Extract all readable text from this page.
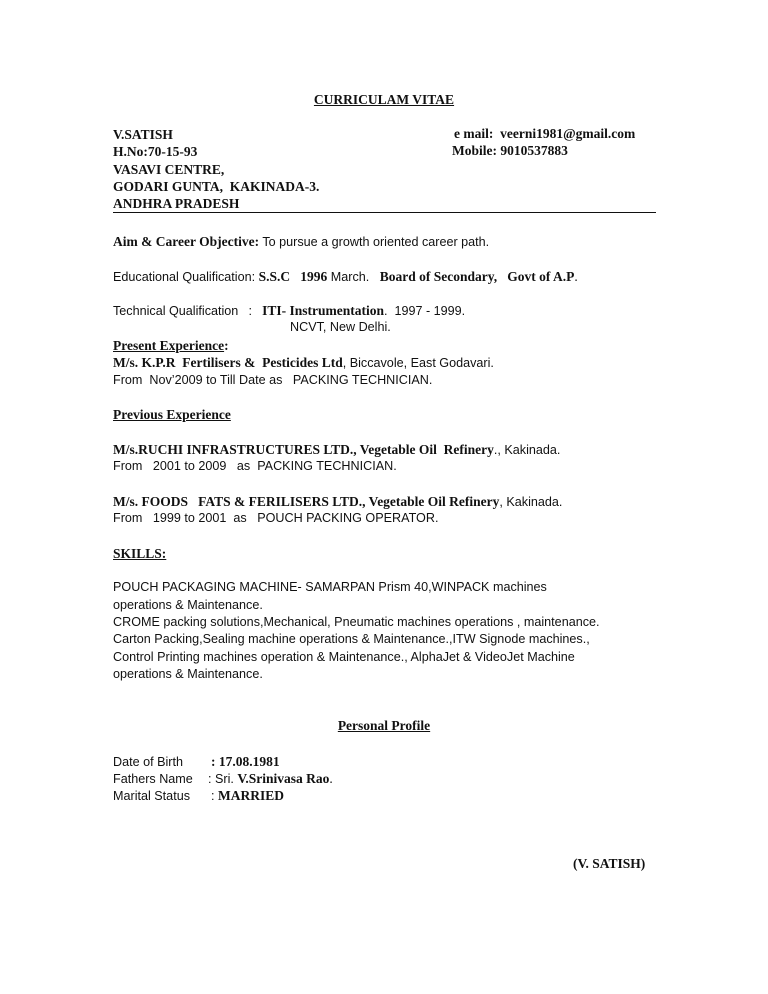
CURRICULAM VITAE
V.SATISH
H.No:70-15-93
VASAVI CENTRE,
GODARI GUNTA,  KAKINADA-3.
ANDHRA PRADESH
e mail:  veerni1981@gmail.com
Mobile: 9010537883
Aim & Career Objective: To pursue a growth oriented career path.
Educational Qualification: S.S.C 1996 March.   Board of Secondary,   Govt of A.P.
Technical Qualification : ITI- Instrumentation.  1997 - 1999.
NCVT, New Delhi.
Present Experience:
M/s. K.P.R  Fertilisers &  Pesticides Ltd, Biccavole, East Godavari.
From  Nov’2009 to Till Date as   PACKING TECHNICIAN.
Previous Experience
M/s.RUCHI INFRASTRUCTURES LTD., Vegetable Oil  Refinery., Kakinada.
From   2001 to 2009   as  PACKING TECHNICIAN.
M/s. FOODS   FATS & FERILISERS LTD., Vegetable Oil Refinery, Kakinada.
From   1999 to 2001  as   POUCH PACKING OPERATOR.
SKILLS:
POUCH PACKAGING MACHINE- SAMARPAN Prism 40,WINPACK machines
operations & Maintenance.
CROME packing solutions,Mechanical, Pneumatic machines operations , maintenance.
Carton Packing,Sealing machine operations & Maintenance.,ITW Signode machines.,
Control Printing machines operation & Maintenance., AlphaJet & VideoJet Machine
operations & Maintenance.
Personal Profile
Date of Birth : 17.08.1981
Fathers Name : Sri. V.Srinivasa Rao.
Marital Status : MARRIED
(V. SATISH)
